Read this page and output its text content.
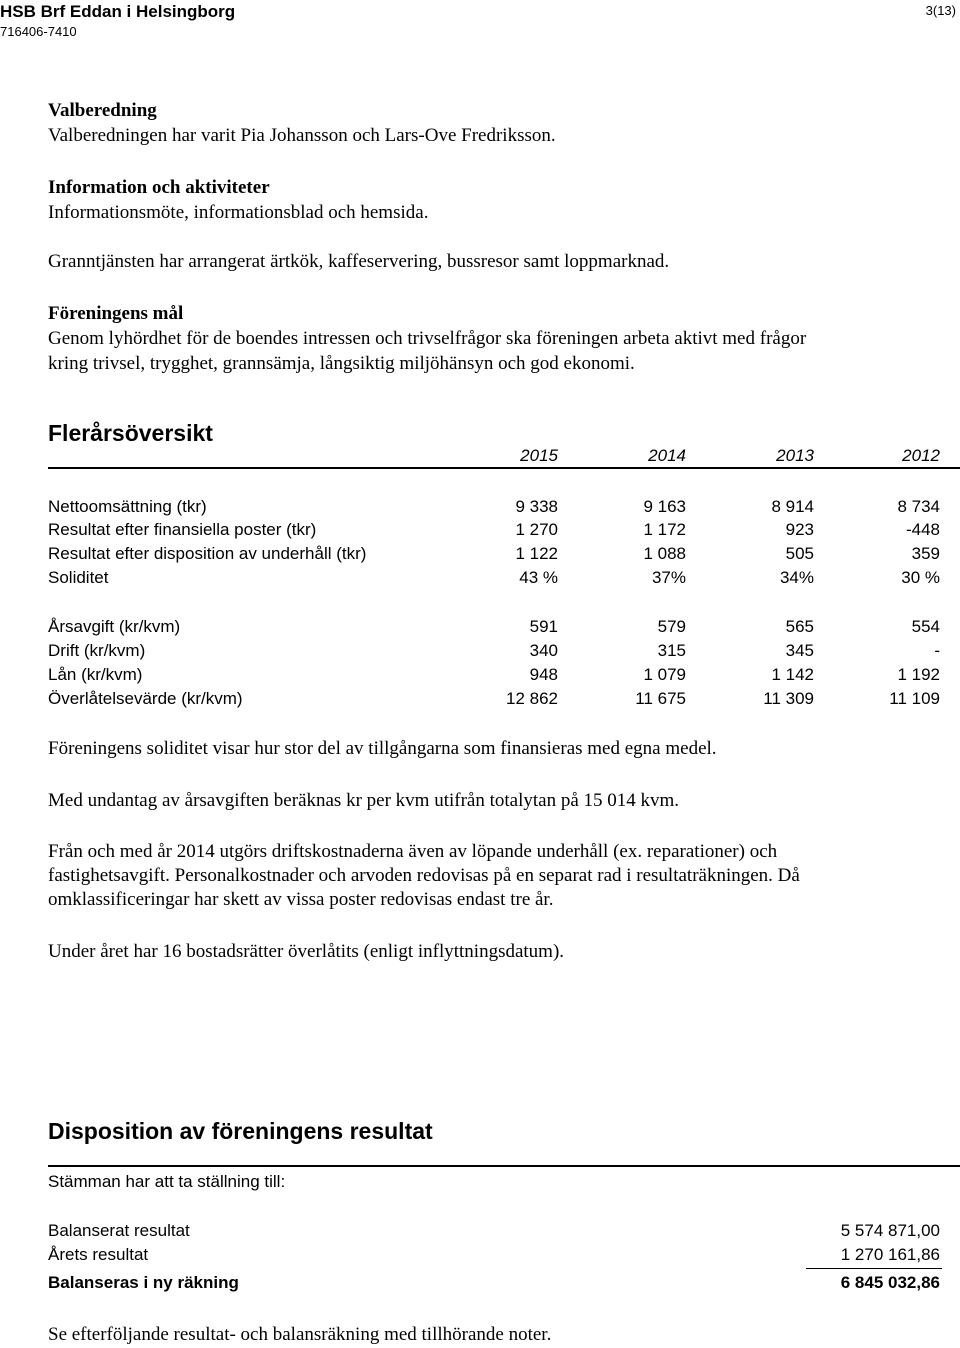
HSB Brf Eddan i Helsingborg
716406-7410
3(13)
Valberedning
Valberedningen har varit Pia Johansson och Lars-Ove Fredriksson.
Information och aktiviteter
Informationsmöte, informationsblad och hemsida.
Granntjänsten har arrangerat ärtkök, kaffeservering, bussresor samt loppmarknad.
Föreningens mål
Genom lyhördhet för de boendes intressen och trivselfrågor ska föreningen arbeta aktivt med frågor
kring trivsel, trygghet, grannsämja, långsiktig miljöhänsyn och god ekonomi.
Flerårsöversikt
2015	2014	2013	2012
Nettoomsättning (tkr)	9 338	9 163	8 914	8 734
Resultat efter finansiella poster (tkr)	1 270	1 172	923	-448
Resultat efter disposition av underhåll (tkr)	1 122	1 088	505	359
Soliditet	43 %	37%	34%	30 %
Årsavgift (kr/kvm)	591	579	565	554
Drift (kr/kvm)	340	315	345	-
Lån (kr/kvm)	948	1 079	1 142	1 192
Överlåtelsevärde (kr/kvm)	12 862	11 675	11 309	11 109
Föreningens soliditet visar hur stor del av tillgångarna som finansieras med egna medel.
Med undantag av årsavgiften beräknas kr per kvm utifrån totalytan på 15 014 kvm.
Från och med år 2014 utgörs driftskostnaderna även av löpande underhåll (ex. reparationer) och
fastighetsavgift. Personalkostnader och arvoden redovisas på en separat rad i resultaträkningen. Då
omklassificeringar har skett av vissa poster redovisas endast tre år.
Under året har 16 bostadsrätter överlåtits (enligt inflyttningsdatum).
Disposition av föreningens resultat
Stämman har att ta ställning till:
Balanserat resultat	5 574 871,00
Årets resultat	1 270 161,86
Balanseras i ny räkning	6 845 032,86
Se efterföljande resultat- och balansräkning med tillhörande noter.
